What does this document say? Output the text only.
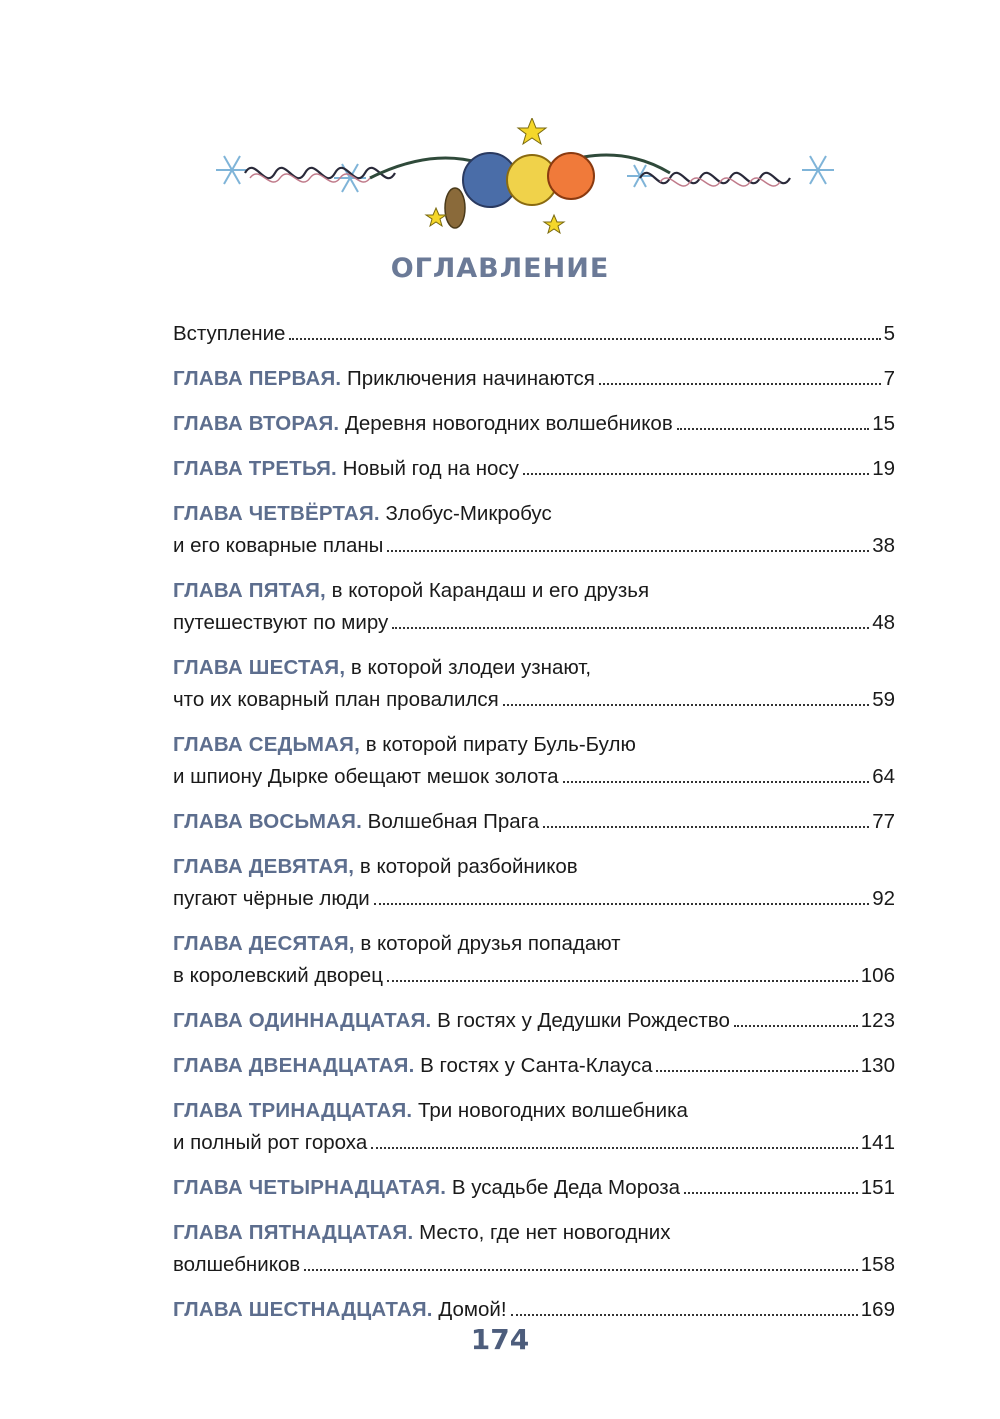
ОГЛАВЛЕНИЕ
Вступление	5
ГЛАВА ПЕРВАЯ. Приключения начинаются	7
ГЛАВА ВТОРАЯ. Деревня новогодних волшебников	15
ГЛАВА ТРЕТЬЯ. Новый год на носу	19
ГЛАВА ЧЕТВЁРТАЯ. Злобус-Микробус
и его коварные планы	38
ГЛАВА ПЯТАЯ, в которой Карандаш и его друзья
путешествуют по миру	48
ГЛАВА ШЕСТАЯ, в которой злодеи узнают,
что их коварный план провалился	59
ГЛАВА СЕДЬМАЯ, в которой пирату Буль-Булю
и шпиону Дырке обещают мешок золота	64
ГЛАВА ВОСЬМАЯ. Волшебная Прага	77
ГЛАВА ДЕВЯТАЯ, в которой разбойников
пугают чёрные люди	92
ГЛАВА ДЕСЯТАЯ, в которой друзья попадают
в королевский дворец	106
ГЛАВА ОДИННАДЦАТАЯ. В гостях у Дедушки Рождество	123
ГЛАВА ДВЕНАДЦАТАЯ. В гостях у Санта-Клауса	130
ГЛАВА ТРИНАДЦАТАЯ. Три новогодних волшебника
и полный рот гороха	141
ГЛАВА ЧЕТЫРНАДЦАТАЯ. В усадьбе Деда Мороза	151
ГЛАВА ПЯТНАДЦАТАЯ. Место, где нет новогодних
волшебников	158
ГЛАВА ШЕСТНАДЦАТАЯ. Домой!	169
174
